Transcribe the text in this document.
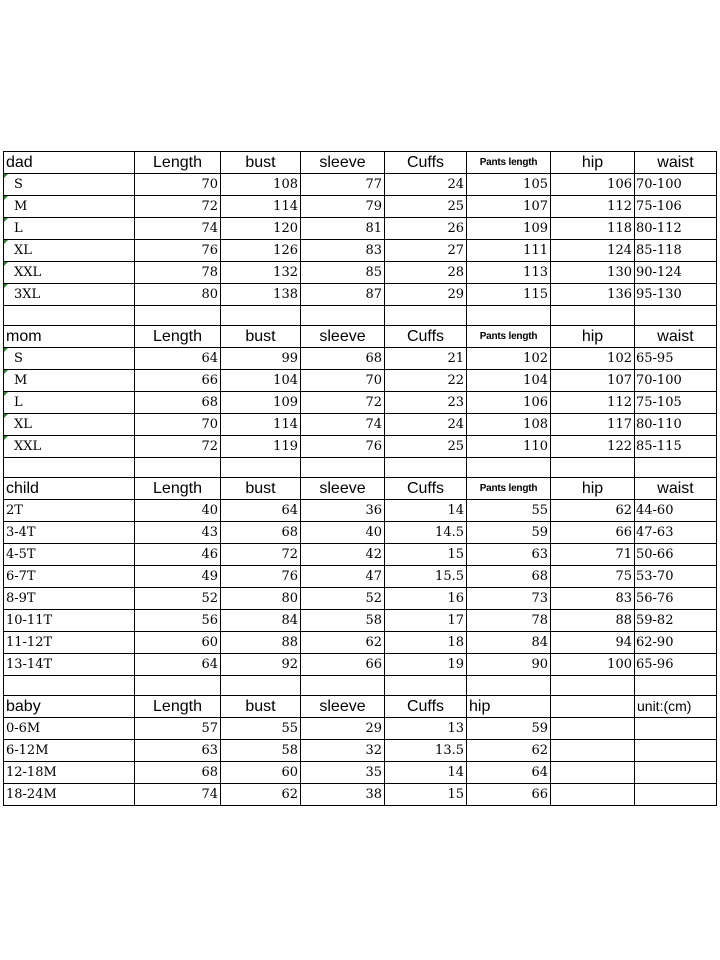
dad	Length	bust	sleeve	Cuffs	Pants length	hip	waist
S	70	108	77	24	105	106	70-100
M	72	114	79	25	107	112	75-106
L	74	120	81	26	109	118	80-112
XL	76	126	83	27	111	124	85-118
XXL	78	132	85	28	113	130	90-124
3XL	80	138	87	29	115	136	95-130

mom	Length	bust	sleeve	Cuffs	Pants length	hip	waist
S	64	99	68	21	102	102	65-95
M	66	104	70	22	104	107	70-100
L	68	109	72	23	106	112	75-105
XL	70	114	74	24	108	117	80-110
XXL	72	119	76	25	110	122	85-115

child	Length	bust	sleeve	Cuffs	Pants length	hip	waist
2T	40	64	36	14	55	62	44-60
3-4T	43	68	40	14.5	59	66	47-63
4-5T	46	72	42	15	63	71	50-66
6-7T	49	76	47	15.5	68	75	53-70
8-9T	52	80	52	16	73	83	56-76
10-11T	56	84	58	17	78	88	59-82
11-12T	60	88	62	18	84	94	62-90
13-14T	64	92	66	19	90	100	65-96

baby	Length	bust	sleeve	Cuffs	hip		unit:(cm)
0-6M	57	55	29	13	59		
6-12M	63	58	32	13.5	62		
12-18M	68	60	35	14	64		
18-24M	74	62	38	15	66		
